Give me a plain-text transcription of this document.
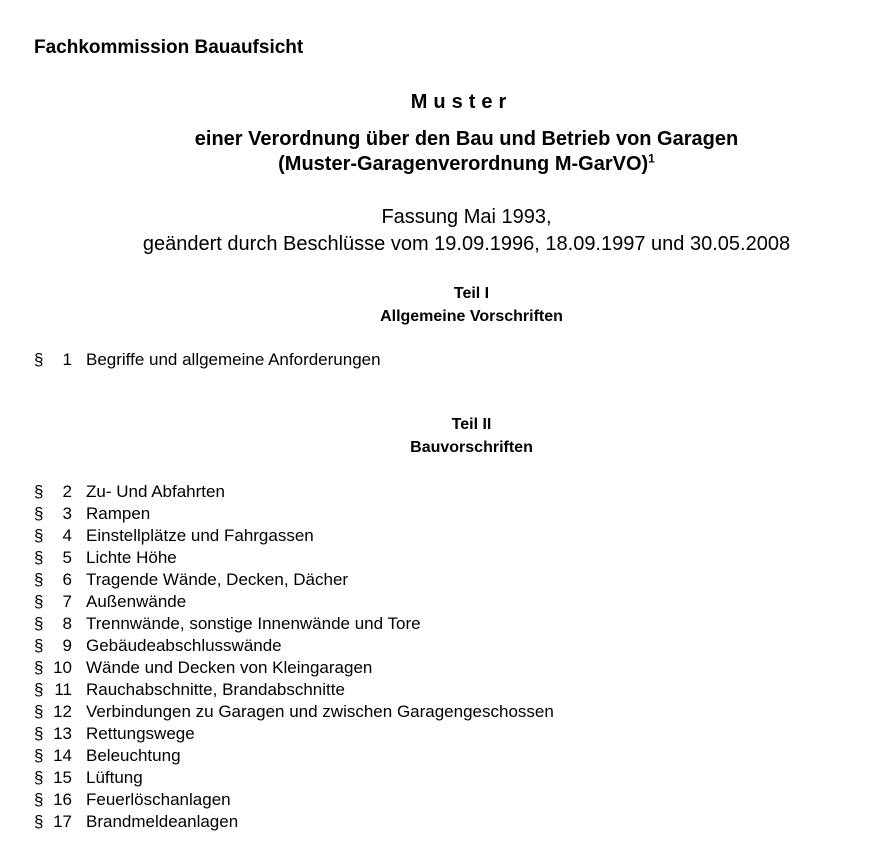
Fachkommission Bauaufsicht
Muster
einer Verordnung über den Bau und Betrieb von Garagen
(Muster-Garagenverordnung M-GarVO)$^1$
Fassung Mai 1993,
geändert durch Beschlüsse vom 19.09.1996, 18.09.1997 und 30.05.2008
Teil I
Allgemeine Vorschriften
§	1 Begriffe und allgemeine Anforderungen
Teil II
Bauvorschriften
§	2 Zu- Und Abfahrten
§	3 Rampen
§	4 Einstellplätze und Fahrgassen
§	5 Lichte Höhe
§	6 Tragende Wände, Decken, Dächer
§	7 Außenwände
§	8 Trennwände, sonstige Innenwände und Tore
§	9 Gebäudeabschlusswände
§ 10 Wände und Decken von Kleingaragen
§ 11 Rauchabschnitte, Brandabschnitte
§ 12 Verbindungen zu Garagen und zwischen Garagengeschossen
§ 13 Rettungswege
§ 14 Beleuchtung
§ 15 Lüftung
§ 16 Feuerlöschanlagen
§ 17 Brandmeldeanlagen
